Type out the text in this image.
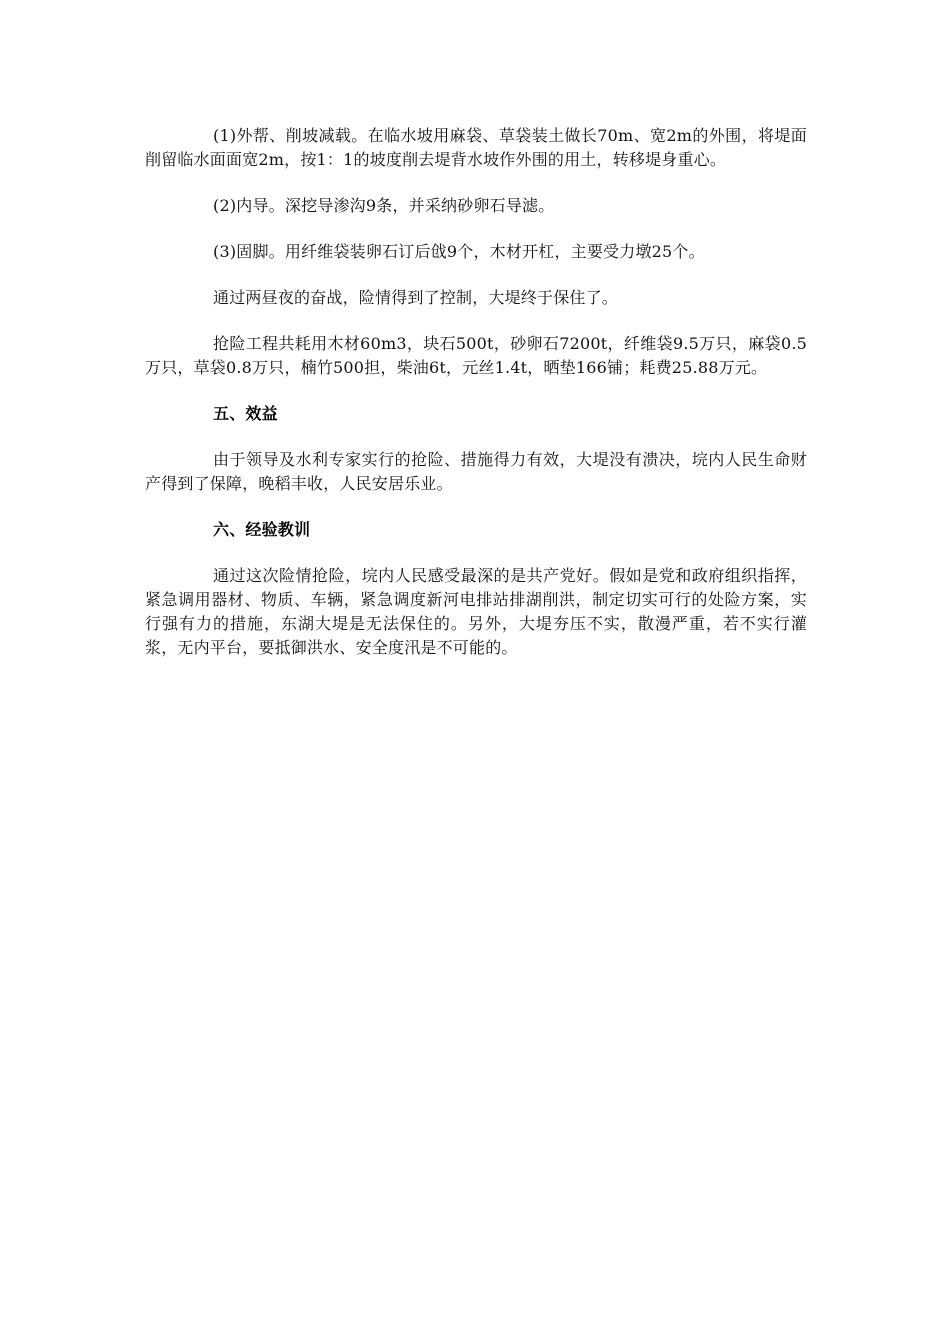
(1)外帮、削坡减载。在临水坡用麻袋、草袋装土做长70m、宽2m的外围，将堤面削留临水面面宽2m，按1：1的坡度削去堤背水坡作外围的用土，转移堤身重心。

(2)内导。深挖导渗沟9条，并采纳砂卵石导滤。

(3)固脚。用纤维袋装卵石订后戗9个，木材开杠，主要受力墩25个。

通过两昼夜的奋战，险情得到了控制，大堤终于保住了。

抢险工程共耗用木材60m3，块石500t，砂卵石7200t，纤维袋9.5万只，麻袋0.5万只，草袋0.8万只，楠竹500担，柴油6t，元丝1.4t，晒垫166铺；耗费25.88万元。

五、效益

由于领导及水利专家实行的抢险、措施得力有效，大堤没有溃决，垸内人民生命财产得到了保障，晚稻丰收，人民安居乐业。

六、经验教训

通过这次险情抢险，垸内人民感受最深的是共产党好。假如是党和政府组织指挥，紧急调用器材、物质、车辆，紧急调度新河电排站排湖削洪，制定切实可行的处险方案，实行强有力的措施，东湖大堤是无法保住的。另外，大堤夯压不实，散漫严重，若不实行灌浆，无内平台，要抵御洪水、安全度汛是不可能的。
